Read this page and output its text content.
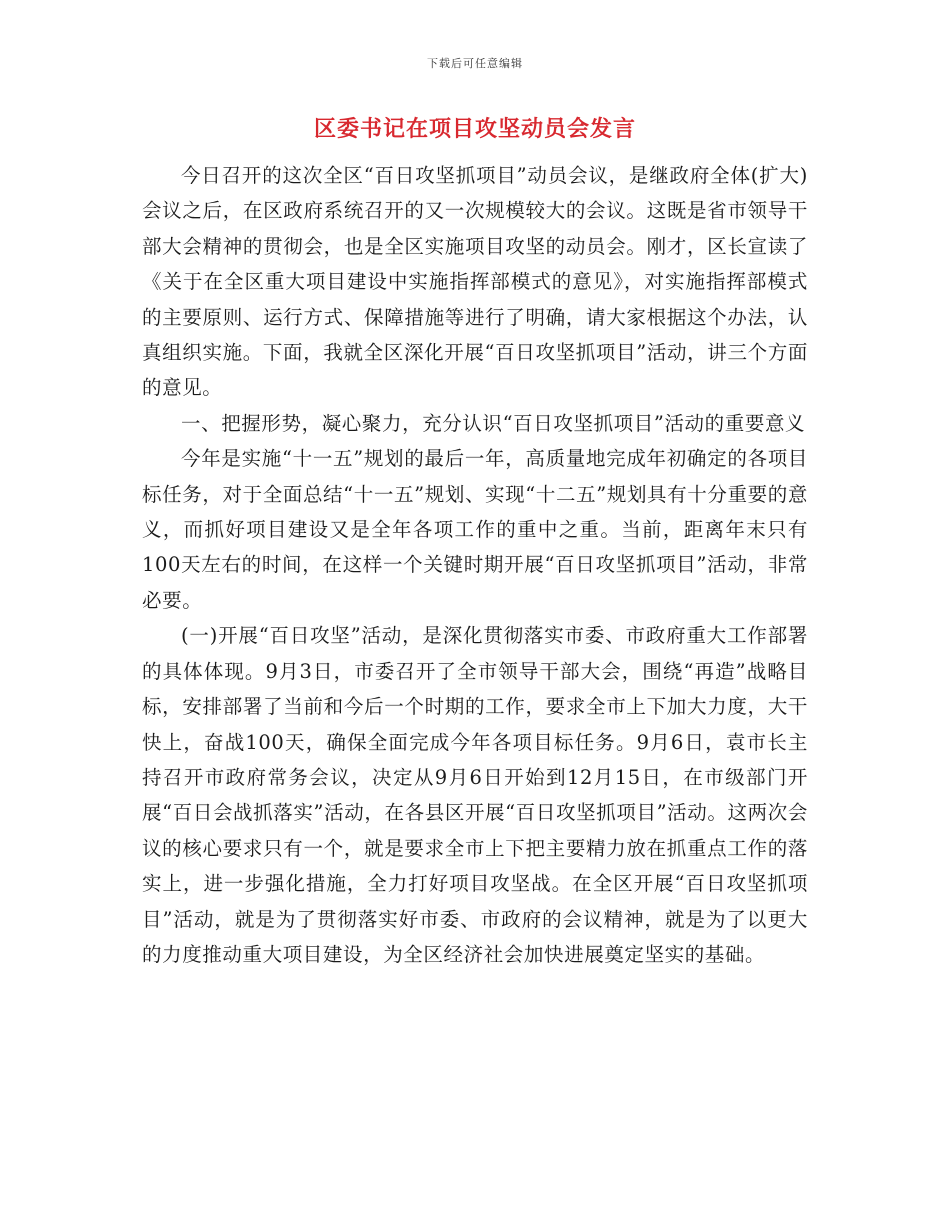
下载后可任意编辑
区委书记在项目攻坚动员会发言

今日召开的这次全区“百日攻坚抓项目”动员会议，是继政府全体(扩大)会议之后，在区政府系统召开的又一次规模较大的会议。这既是省市领导干部大会精神的贯彻会，也是全区实施项目攻坚的动员会。刚才，区长宣读了《关于在全区重大项目建设中实施指挥部模式的意见》，对实施指挥部模式的主要原则、运行方式、保障措施等进行了明确，请大家根据这个办法，认真组织实施。下面，我就全区深化开展“百日攻坚抓项目”活动，讲三个方面的意见。

一、把握形势，凝心聚力，充分认识“百日攻坚抓项目”活动的重要意义

今年是实施“十一五”规划的最后一年，高质量地完成年初确定的各项目标任务，对于全面总结“十一五”规划、实现“十二五”规划具有十分重要的意义，而抓好项目建设又是全年各项工作的重中之重。当前，距离年末只有100天左右的时间，在这样一个关键时期开展“百日攻坚抓项目”活动，非常必要。

(一)开展“百日攻坚”活动，是深化贯彻落实市委、市政府重大工作部署的具体体现。9月3日，市委召开了全市领导干部大会，围绕“再造”战略目标，安排部署了当前和今后一个时期的工作，要求全市上下加大力度，大干快上，奋战100天，确保全面完成今年各项目标任务。9月6日，袁市长主持召开市政府常务会议，决定从9月6日开始到12月15日，在市级部门开展“百日会战抓落实”活动，在各县区开展“百日攻坚抓项目”活动。这两次会议的核心要求只有一个，就是要求全市上下把主要精力放在抓重点工作的落实上，进一步强化措施，全力打好项目攻坚战。在全区开展“百日攻坚抓项目”活动，就是为了贯彻落实好市委、市政府的会议精神，就是为了以更大的力度推动重大项目建设，为全区经济社会加快进展奠定坚实的基础。
